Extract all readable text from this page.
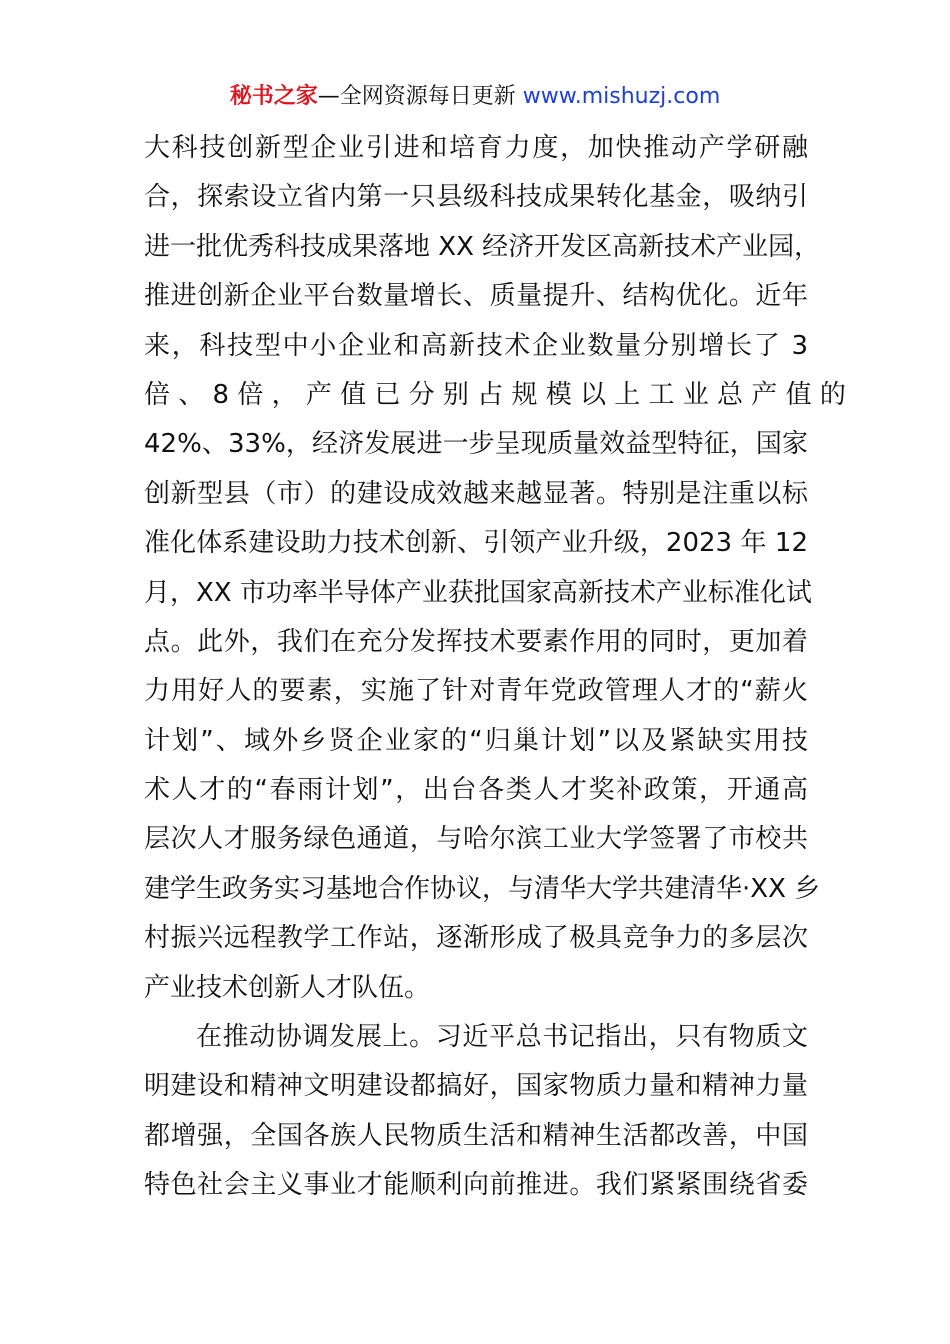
秘书之家—全网资源每日更新 www.mishuzj.com
大科技创新型企业引进和培育力度，加快推动产学研融
合，探索设立省内第一只县级科技成果转化基金，吸纳引
进一批优秀科技成果落地 XX 经济开发区高新技术产业园，
推进创新企业平台数量增长、质量提升、结构优化。近年
来，科技型中小企业和高新技术企业数量分别增长了 3
倍 、 8 倍 ， 产 值 已 分 别 占 规 模 以 上 工 业 总 产 值 的
42%、33%，经济发展进一步呈现质量效益型特征，国家
创新型县（市）的建设成效越来越显著。特别是注重以标
准化体系建设助力技术创新、引领产业升级，2023 年 12
月，XX 市功率半导体产业获批国家高新技术产业标准化试
点。此外，我们在充分发挥技术要素作用的同时，更加着
力用好人的要素，实施了针对青年党政管理人才的“薪火
计划”、域外乡贤企业家的“归巢计划”以及紧缺实用技
术人才的“春雨计划”，出台各类人才奖补政策，开通高
层次人才服务绿色通道，与哈尔滨工业大学签署了市校共
建学生政务实习基地合作协议，与清华大学共建清华·XX 乡
村振兴远程教学工作站，逐渐形成了极具竞争力的多层次
产业技术创新人才队伍。
在推动协调发展上。习近平总书记指出，只有物质文
明建设和精神文明建设都搞好，国家物质力量和精神力量
都增强，全国各族人民物质生活和精神生活都改善，中国
特色社会主义事业才能顺利向前推进。我们紧紧围绕省委
